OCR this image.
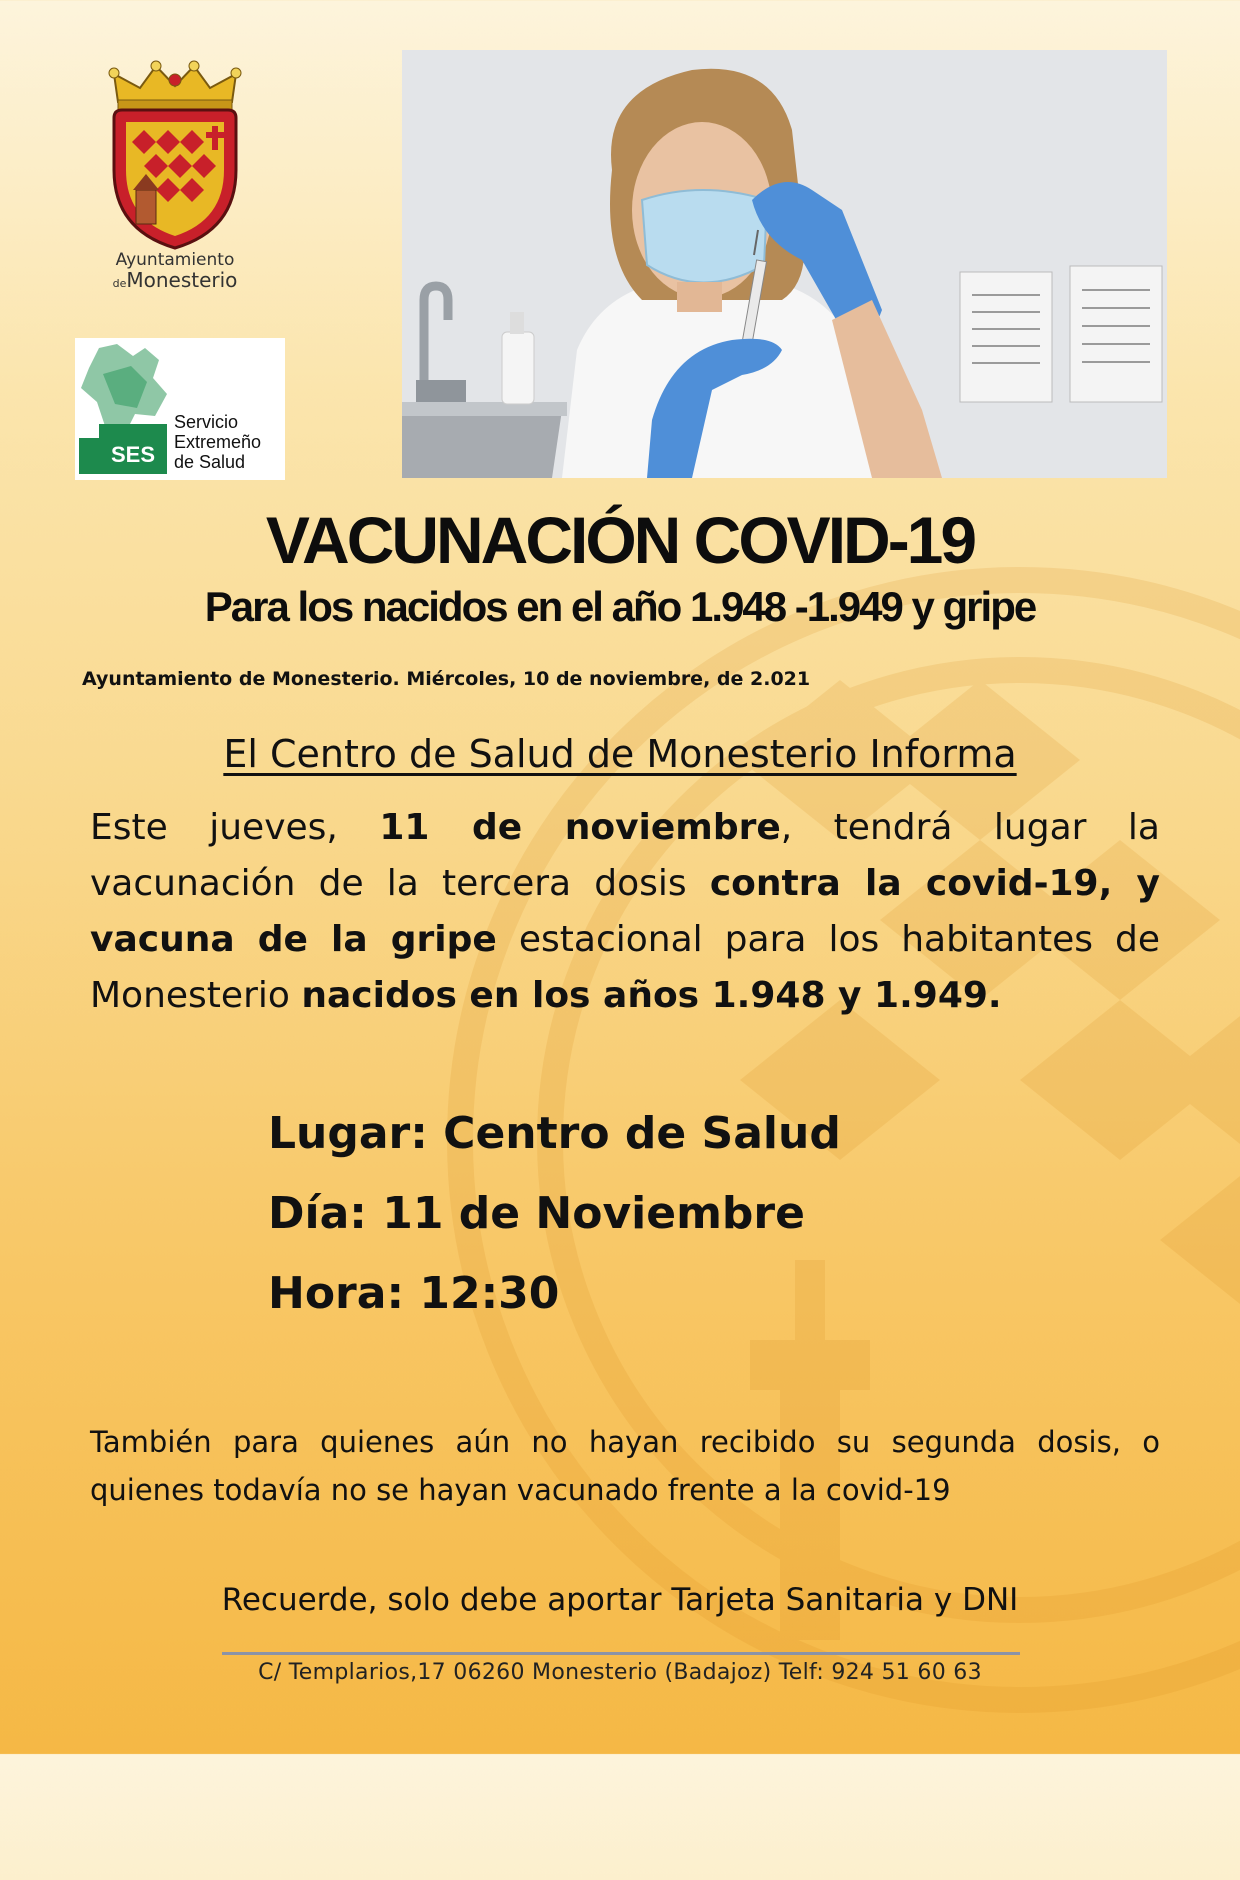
Ayuntamiento
deMonesterio
SES
Servicio
Extremeño
de Salud
VACUNACIÓN COVID-19
Para los nacidos en el año 1.948 -1.949 y gripe
Ayuntamiento de Monesterio. Miércoles, 10 de noviembre, de 2.021
El Centro de Salud de Monesterio Informa
Este jueves, 11 de noviembre, tendrá lugar la vacunación de la tercera dosis contra la covid-19, y vacuna de la gripe estacional para los habitantes de Monesterio nacidos en los años 1.948 y 1.949.
Lugar: Centro de Salud
Día: 11 de Noviembre
Hora: 12:30
También para quienes aún no hayan recibido su segunda dosis, o quienes todavía no se hayan vacunado frente a la covid-19
Recuerde, solo debe aportar Tarjeta Sanitaria y DNI
C/ Templarios,17 06260 Monesterio (Badajoz) Telf: 924 51 60 63
